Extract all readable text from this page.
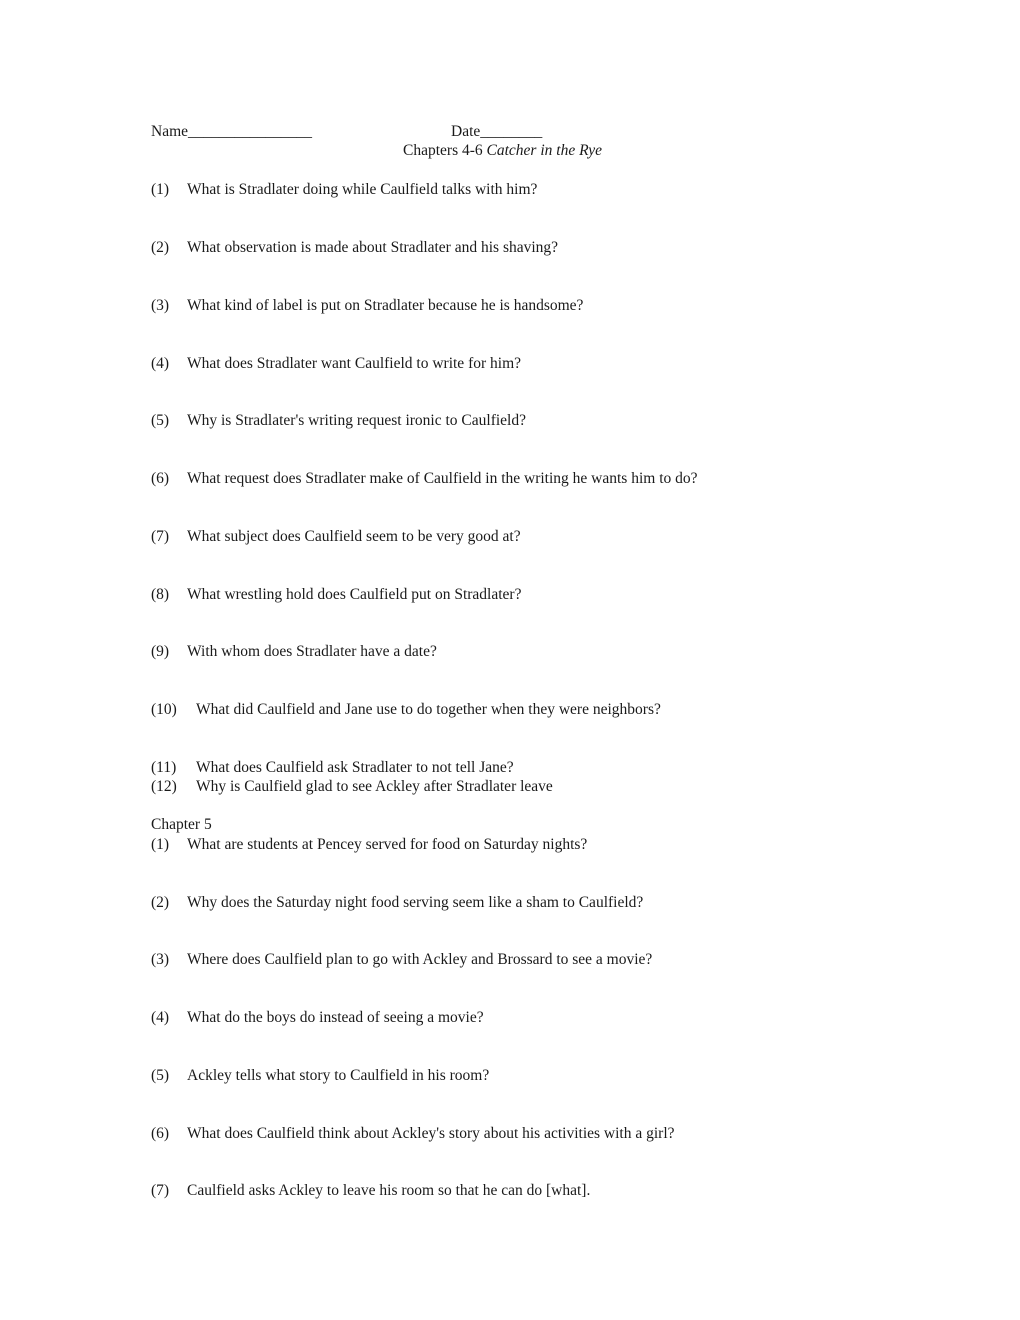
Name________________	Date________
Chapters 4-6 Catcher in the Rye
(1) What is Stradlater doing while Caulfield talks with him?
(2) What observation is made about Stradlater and his shaving?
(3) What kind of label is put on Stradlater because he is handsome?
(4) What does Stradlater want Caulfield to write for him?
(5) Why is Stradlater's writing request ironic to Caulfield?
(6) What request does Stradlater make of Caulfield in the writing he wants him to do?
(7) What subject does Caulfield seem to be very good at?
(8) What wrestling hold does Caulfield put on Stradlater?
(9) With whom does Stradlater have a date?
(10) What did Caulfield and Jane use to do together when they were neighbors?
(11) What does Caulfield ask Stradlater to not tell Jane?
(12) Why is Caulfield glad to see Ackley after Stradlater leave
Chapter 5
(1) What are students at Pencey served for food on Saturday nights?
(2) Why does the Saturday night food serving seem like a sham to Caulfield?
(3) Where does Caulfield plan to go with Ackley and Brossard to see a movie?
(4) What do the boys do instead of seeing a movie?
(5) Ackley tells what story to Caulfield in his room?
(6) What does Caulfield think about Ackley's story about his activities with a girl?
(7) Caulfield asks Ackley to leave his room so that he can do [what].
